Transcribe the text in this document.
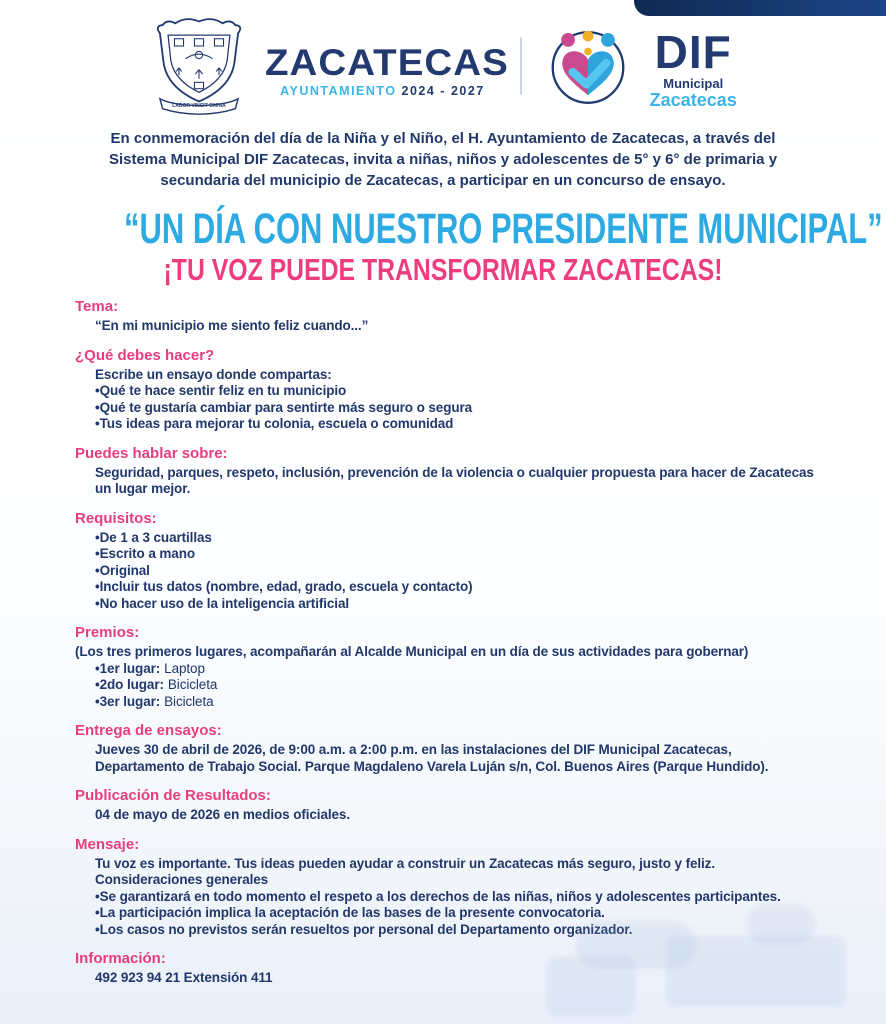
LABOR VINCIT OMNIA
ZACATECAS
AYUNTAMIENTO 2024 - 2027
DIF
Municipal
Zacatecas

En conmemoración del día de la Niña y el Niño, el H. Ayuntamiento de Zacatecas, a través del Sistema Municipal DIF Zacatecas, invita a niñas, niños y adolescentes de 5° y 6° de primaria y secundaria del municipio de Zacatecas, a participar en un concurso de ensayo.

“UN DÍA CON NUESTRO PRESIDENTE MUNICIPAL”
¡TU VOZ PUEDE TRANSFORMAR ZACATECAS!
Tema:

“En mi municipio me siento feliz cuando...”

¿Qué debes hacer?

Escribe un ensayo donde compartas:

•Qué te hace sentir feliz en tu municipio

•Qué te gustaría cambiar para sentirte más seguro o segura

•Tus ideas para mejorar tu colonia, escuela o comunidad

Puedes hablar sobre:

Seguridad, parques, respeto, inclusión, prevención de la violencia o cualquier propuesta para hacer de Zacatecas un lugar mejor.

Requisitos:

•De 1 a 3 cuartillas

•Escrito a mano

•Original

•Incluir tus datos (nombre, edad, grado, escuela y contacto)

•No hacer uso de la inteligencia artificial

Premios:

(Los tres primeros lugares, acompañarán al Alcalde Municipal en un día de sus actividades para gobernar)

•1er lugar: Laptop

•2do lugar: Bicicleta

•3er lugar: Bicicleta

Entrega de ensayos:

Jueves 30 de abril de 2026, de 9:00 a.m. a 2:00 p.m. en las instalaciones del DIF Municipal Zacatecas, Departamento de Trabajo Social. Parque Magdaleno Varela Luján s/n, Col. Buenos Aires (Parque Hundido).

Publicación de Resultados:

04 de mayo de 2026 en medios oficiales.

Mensaje:

Tu voz es importante. Tus ideas pueden ayudar a construir un Zacatecas más seguro, justo y feliz.

Consideraciones generales

•Se garantizará en todo momento el respeto a los derechos de las niñas, niños y adolescentes participantes.

•La participación implica la aceptación de las bases de la presente convocatoria.

•Los casos no previstos serán resueltos por personal del Departamento organizador.

Información:

492 923 94 21 Extensión 411
